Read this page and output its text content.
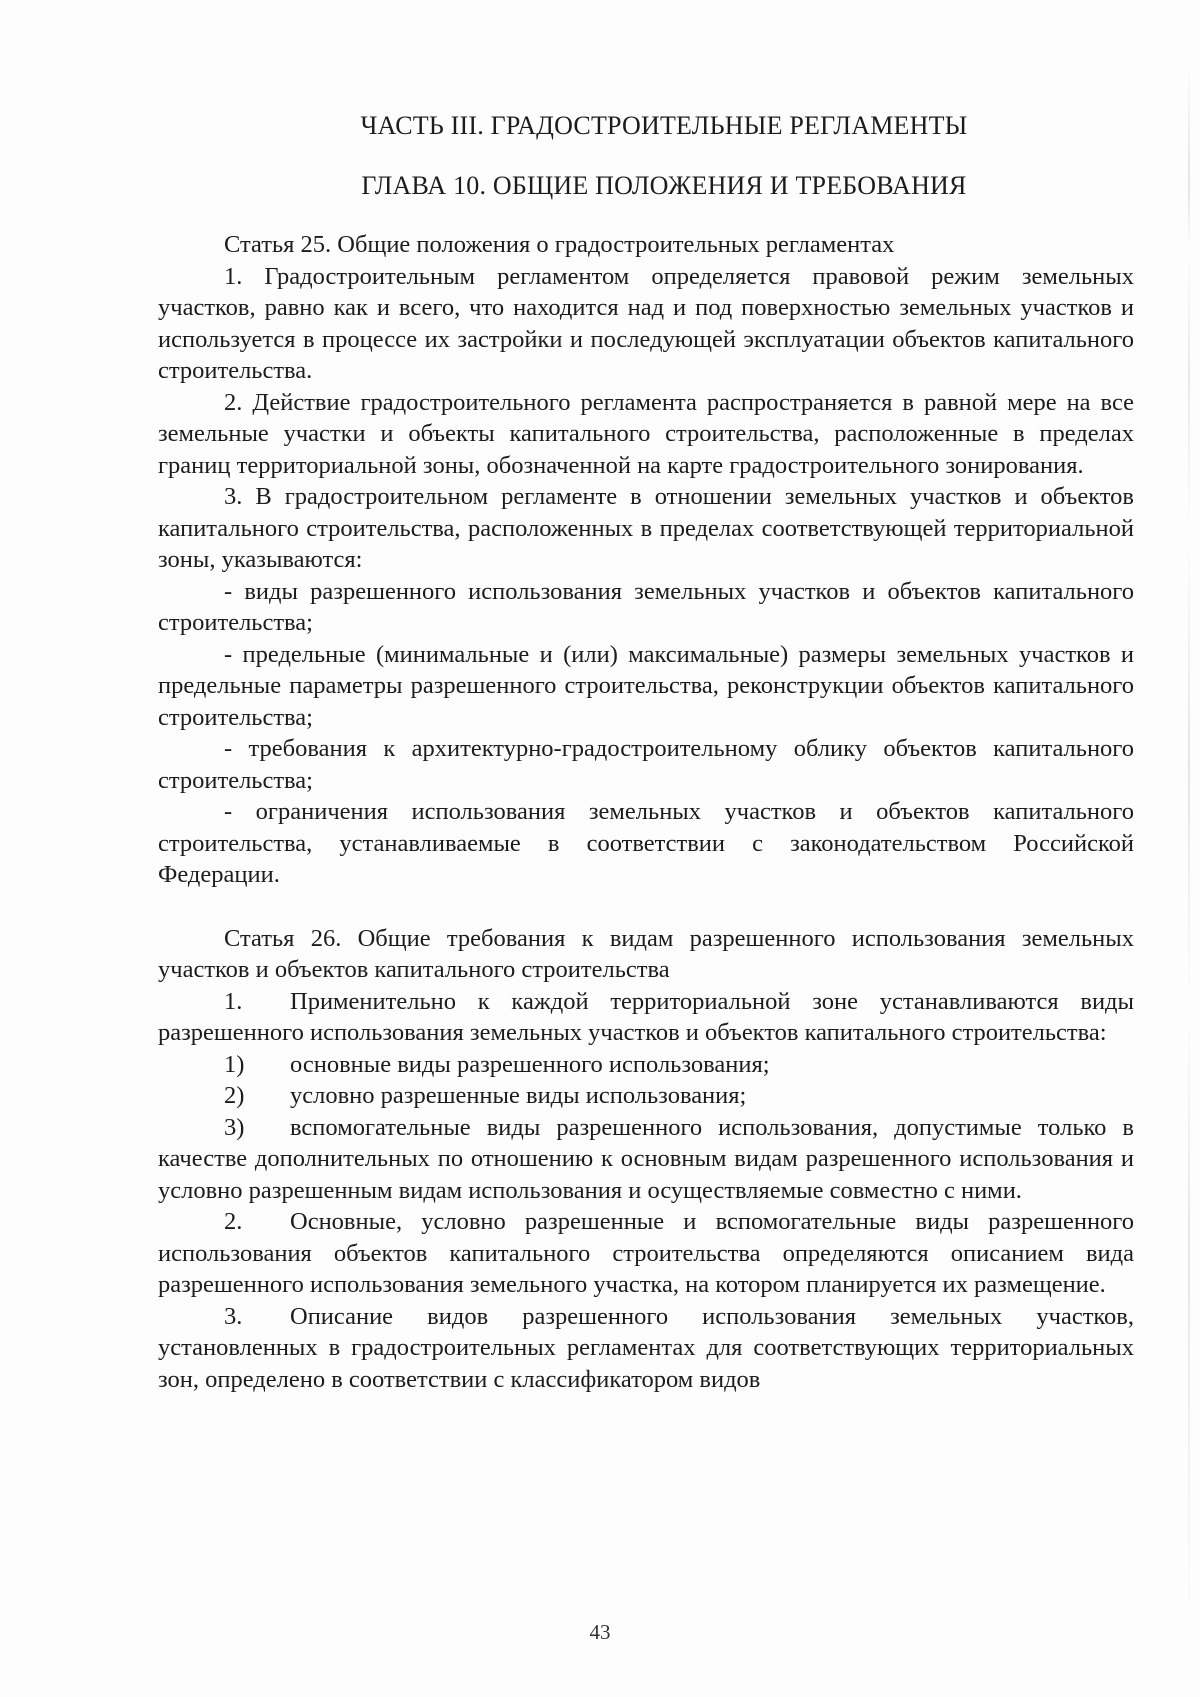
ЧАСТЬ III. ГРАДОСТРОИТЕЛЬНЫЕ РЕГЛАМЕНТЫ
ГЛАВА 10. ОБЩИЕ ПОЛОЖЕНИЯ И ТРЕБОВАНИЯ

Статья 25. Общие положения о градостроительных регламентах

1. Градостроительным регламентом определяется правовой режим земельных участков, равно как и всего, что находится над и под поверхностью земельных участков и используется в процессе их застройки и последующей эксплуатации объектов капитального строительства.

2. Действие градостроительного регламента распространяется в равной мере на все земельные участки и объекты капитального строительства, расположенные в пределах границ территориальной зоны, обозначенной на карте градостроительного зонирования.

3. В градостроительном регламенте в отношении земельных участков и объектов капитального строительства, расположенных в пределах соответствующей территориальной зоны, указываются:

- виды разрешенного использования земельных участков и объектов капитального строительства;

- предельные (минимальные и (или) максимальные) размеры земельных участков и предельные параметры разрешенного строительства, реконструкции объектов капитального строительства;

- требования к архитектурно-градостроительному облику объектов капитального строительства;

- ограничения использования земельных участков и объектов капитального строительства, устанавливаемые в соответствии с законодательством Российской Федерации.

Статья 26. Общие требования к видам разрешенного использования земельных участков и объектов капитального строительства

1. Применительно к каждой территориальной зоне устанавливаются виды разрешенного использования земельных участков и объектов капитального строительства:

1) основные виды разрешенного использования;

2) условно разрешенные виды использования;

3) вспомогательные виды разрешенного использования, допустимые только в качестве дополнительных по отношению к основным видам разрешенного использования и условно разрешенным видам использования и осуществляемые совместно с ними.

2. Основные, условно разрешенные и вспомогательные виды разрешенного использования объектов капитального строительства определяются описанием вида разрешенного использования земельного участка, на котором планируется их размещение.

3. Описание видов разрешенного использования земельных участков, установленных в градостроительных регламентах для соответствующих территориальных зон, определено в соответствии с классификатором видов

43
